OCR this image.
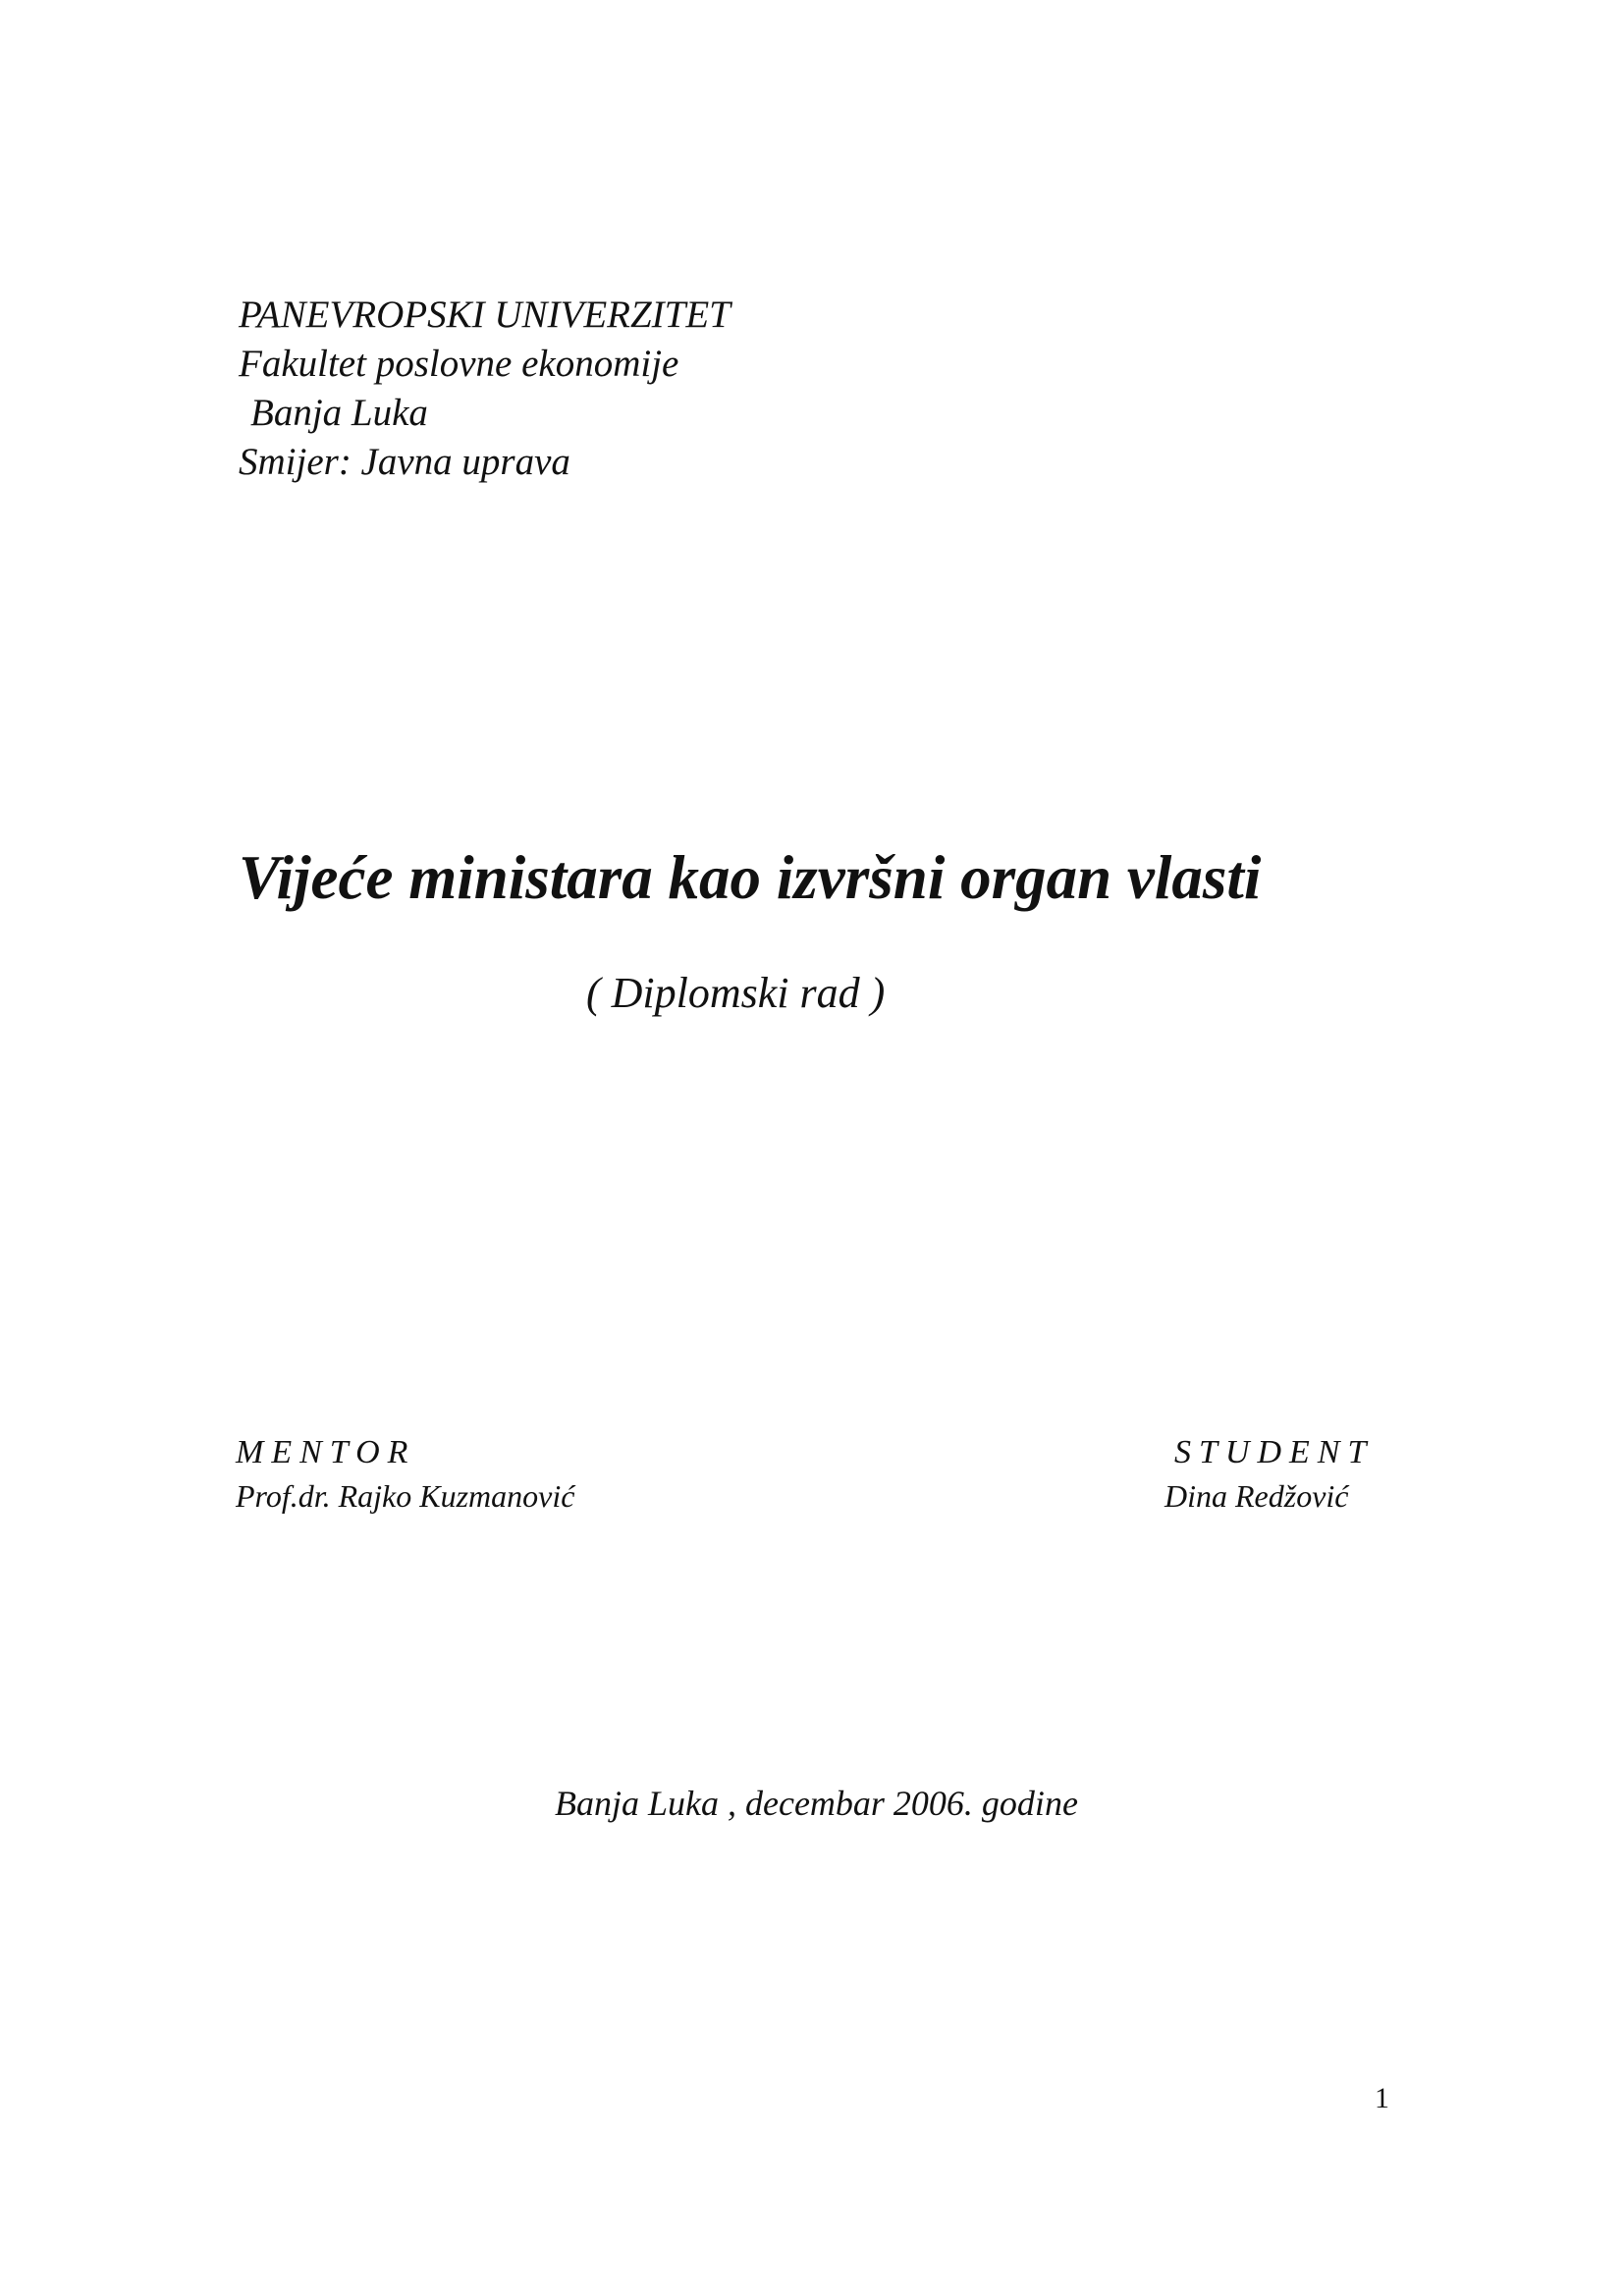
PANEVROPSKI UNIVERZITET
Fakultet poslovne ekonomije
Banja Luka
Smijer: Javna uprava
Vijeće ministara kao izvršni organ vlasti
( Diplomski rad )
MENTOR
Prof.dr. Rajko Kuzmanović
STUDENT
Dina Redžović
Banja Luka , decembar 2006. godine
1
